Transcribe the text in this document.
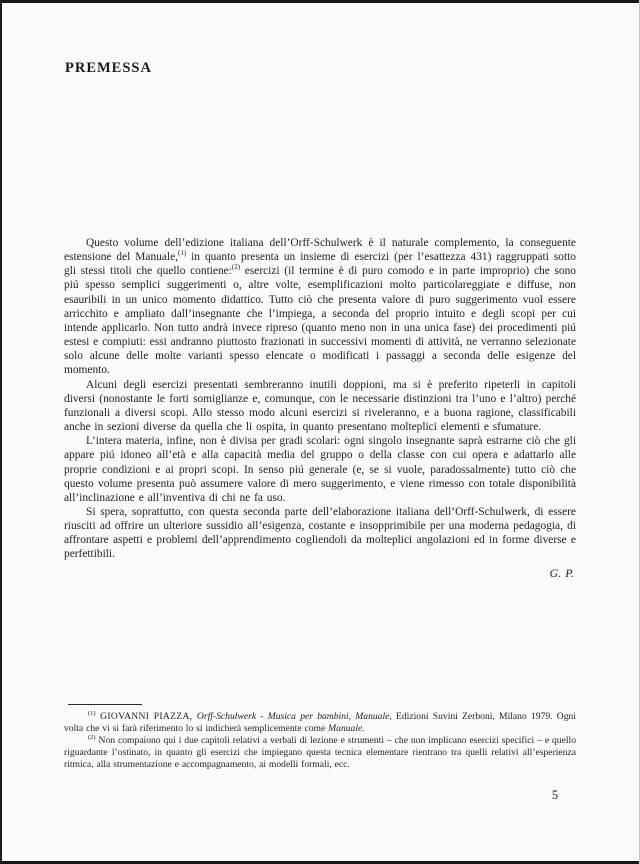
PREMESSA

Questo volume dell’edizione italiana dell’Orff-Schulwerk è il naturale complemento, la conseguente estensione del Manuale,$^{(1)}$ in quanto presenta un insieme di esercizi (per l’esattezza 431) raggruppati sotto gli stessi titoli che quello contiene:$^{(2)}$ esercizi (il termine è di puro comodo e in parte improprio) che sono piú spesso semplici suggerimenti o, altre volte, esemplificazioni molto particolareggiate e diffuse, non esauribili in un unico momento didattico. Tutto ciò che presenta valore di puro suggerimento vuol essere arricchito e ampliato dall’insegnante che l’impiega, a seconda del proprio intuito e degli scopi per cui intende applicarlo. Non tutto andrà invece ripreso (quanto meno non in una unica fase) dei procedimenti piú estesi e compiuti: essi andranno piuttosto frazionati in successivi momenti di attività, ne verranno selezionate solo alcune delle molte varianti spesso elencate o modificati i passaggi a seconda delle esigenze del momento.

Alcuni degli esercizi presentati sembreranno inutili doppioni, ma si è preferito ripeterli in capitoli diversi (nonostante le forti somiglianze e, comunque, con le necessarie distinzioni tra l’uno e l’altro) perché funzionali a diversi scopi. Allo stesso modo alcuni esercizi si riveleranno, e a buona ragione, classificabili anche in sezioni diverse da quella che li ospita, in quanto presentano molteplici elementi e sfumature.

L’intera materia, infine, non è divisa per gradi scolari: ogni singolo insegnante saprà estrarne ciò che gli appare piú idoneo all’età e alla capacità media del gruppo o della classe con cui opera e adattarlo alle proprie condizioni e ai propri scopi. In senso piú generale (e, se si vuole, paradossalmente) tutto ciò che questo volume presenta può assumere valore di mero suggerimento, e viene rimesso con totale disponibilità all’inclinazione e all’inventiva di chi ne fa uso.

Si spera, soprattutto, con questa seconda parte dell’elaborazione italiana dell’Orff-Schulwerk, di essere riusciti ad offrire un ulteriore sussidio all’esigenza, costante e insopprimibile per una moderna pedagogia, di affrontare aspetti e problemi dell’apprendimento cogliendoli da molteplici angolazioni ed in forme diverse e perfettibili.

G. P.

$^{(1)}$ GIOVANNI PIAZZA, Orff-Schulwerk - Musica per bambini, Manuale, Edizioni Suvini Zerboni, Milano 1979. Ogni volta che vi si farà riferimento lo si indicherà semplicemente come Manuale.

$^{(2)}$ Non compaiono qui i due capitoli relativi a verbali di lezione e strumenti – che non implicano esercizi specifici – e quello riguardante l’ostinato, in quanto gli esercizi che impiegano questa tecnica elementare rientrano tra quelli relativi all’esperienza ritmica, alla strumentazione e accompagnamento, ai modelli formali, ecc.

5
